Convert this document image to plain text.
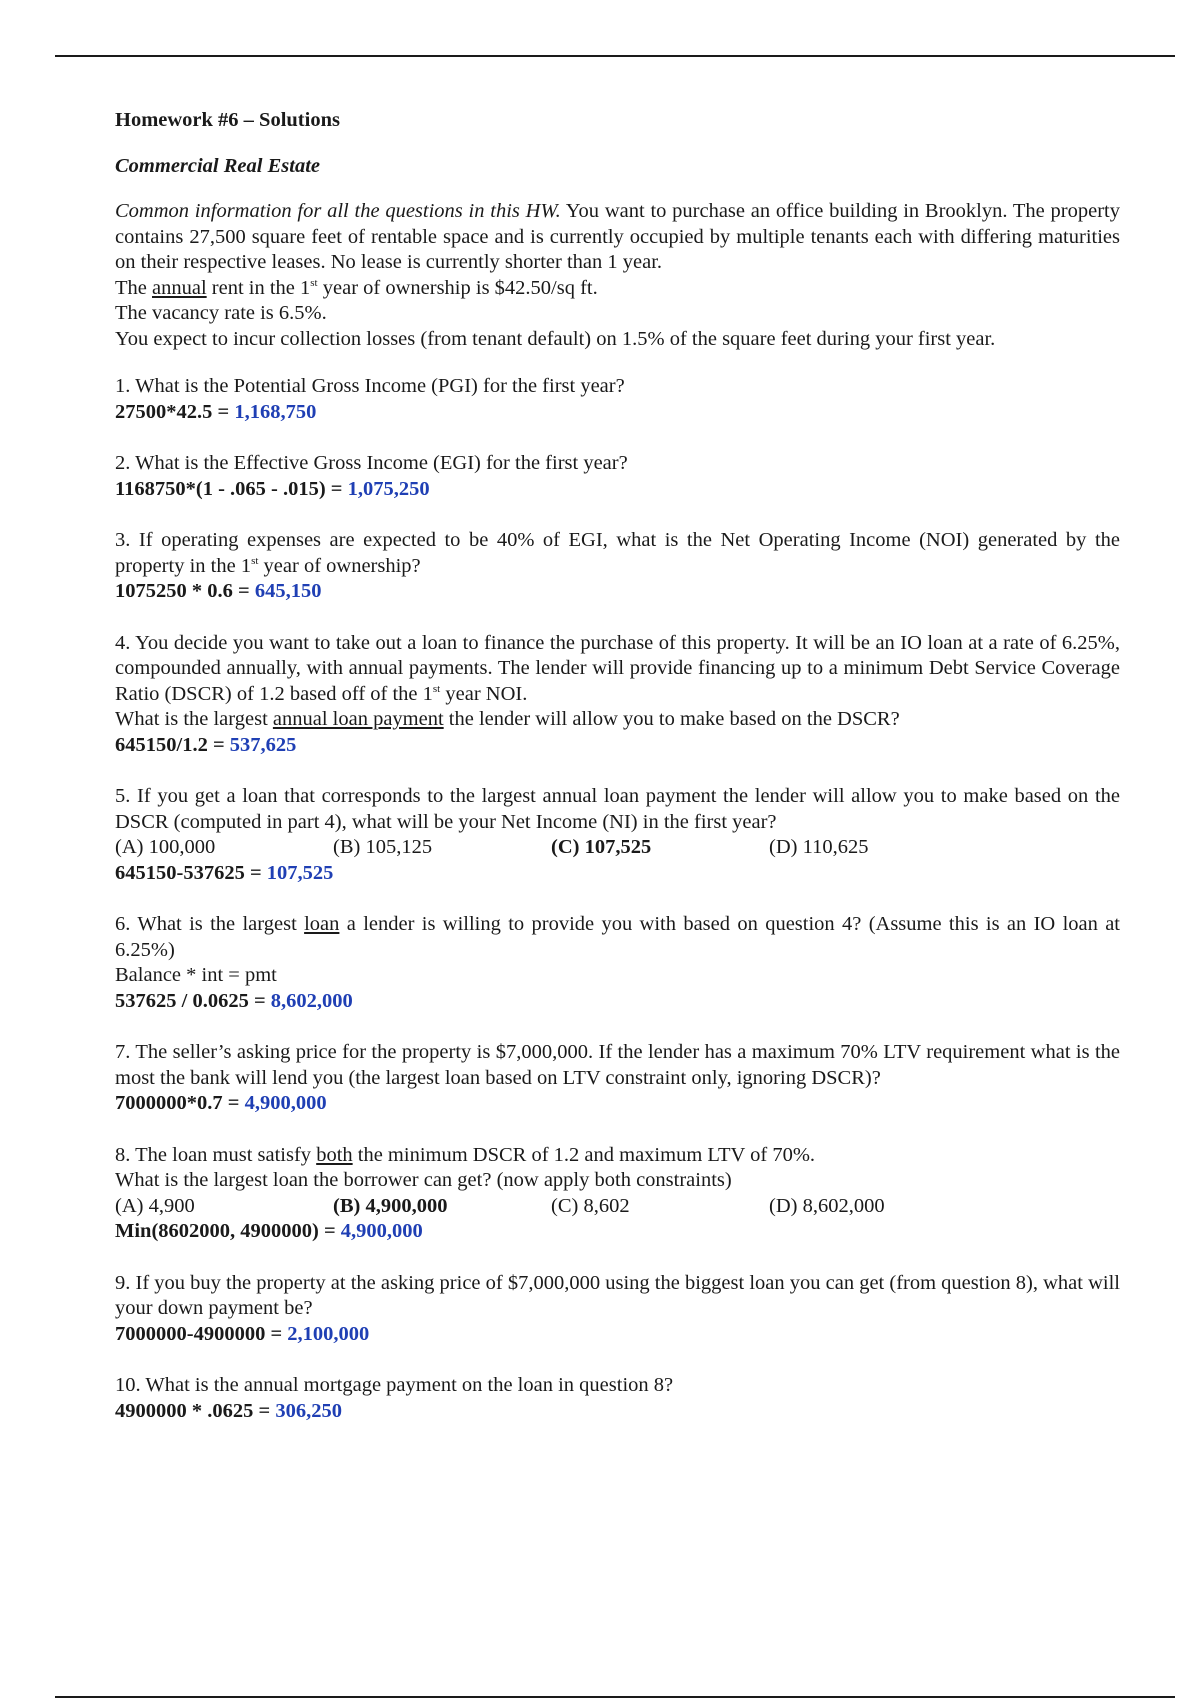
Homework #6 – Solutions

Commercial Real Estate

Common information for all the questions in this HW. You want to purchase an office building in Brooklyn. The property contains 27,500 square feet of rentable space and is currently occupied by multiple tenants each with differing maturities on their respective leases. No lease is currently shorter than 1 year.

The annual rent in the 1st year of ownership is $42.50/sq ft.

The vacancy rate is 6.5%.

You expect to incur collection losses (from tenant default) on 1.5% of the square feet during your first year.

1. What is the Potential Gross Income (PGI) for the first year?

27500*42.5 = 1,168,750

2. What is the Effective Gross Income (EGI) for the first year?

1168750*(1 - .065 - .015) = 1,075,250

3. If operating expenses are expected to be 40% of EGI, what is the Net Operating Income (NOI) generated by the property in the 1st year of ownership?

1075250 * 0.6 = 645,150

4. You decide you want to take out a loan to finance the purchase of this property. It will be an IO loan at a rate of 6.25%, compounded annually, with annual payments. The lender will provide financing up to a minimum Debt Service Coverage Ratio (DSCR) of 1.2 based off of the 1st year NOI.

What is the largest annual loan payment the lender will allow you to make based on the DSCR?

645150/1.2 = 537,625

5. If you get a loan that corresponds to the largest annual loan payment the lender will allow you to make based on the DSCR (computed in part 4), what will be your Net Income (NI) in the first year?

(A) 100,000	(B) 105,125	(C) 107,525	(D) 110,625

645150-537625 = 107,525

6. What is the largest loan a lender is willing to provide you with based on question 4? (Assume this is an IO loan at 6.25%)

Balance * int = pmt

537625 / 0.0625 = 8,602,000

7. The seller’s asking price for the property is $7,000,000. If the lender has a maximum 70% LTV requirement what is the most the bank will lend you (the largest loan based on LTV constraint only, ignoring DSCR)?

7000000*0.7 = 4,900,000

8. The loan must satisfy both the minimum DSCR of 1.2 and maximum LTV of 70%.

What is the largest loan the borrower can get? (now apply both constraints)

(A) 4,900	(B) 4,900,000	(C) 8,602	(D) 8,602,000

Min(8602000, 4900000) = 4,900,000

9. If you buy the property at the asking price of $7,000,000 using the biggest loan you can get (from question 8), what will your down payment be?

7000000-4900000 = 2,100,000

10. What is the annual mortgage payment on the loan in question 8?

4900000 * .0625 = 306,250
